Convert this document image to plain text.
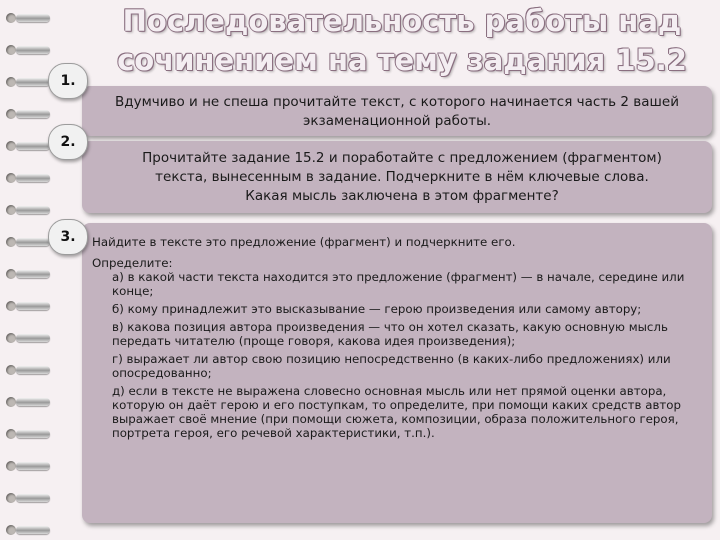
Последовательность работы над сочинением на тему задания 15.2
Вдумчиво и не спеша прочитайте текст, с которого начинается часть 2 вашей экзаменационной работы.
1.
Прочитайте задание 15.2 и поработайте с предложением (фрагментом) текста, вынесенным в задание. Подчеркните в нём ключевые слова. Какая мысль заключена в этом фрагменте?
2.
Найдите в тексте это предложение (фрагмент) и подчеркните его.
Определите:
а) в какой части текста находится это предложение (фрагмент) — в начале, середине или конце;
б) кому принадлежит это высказывание — герою произведения или самому автору;
в) какова позиция автора произведения — что он хотел сказать, какую основную мысль передать читателю (проще говоря, какова идея произведения);
г) выражает ли автор свою позицию непосредственно (в каких-либо предложениях) или опосредованно;
д) если в тексте не выражена словесно основная мысль или нет прямой оценки автора, которую он даёт герою и его поступкам, то определите, при помощи каких средств автор выражает своё мнение (при помощи сюжета, композиции, образа положительного героя, портрета героя, его речевой характеристики, т.п.).
3.
